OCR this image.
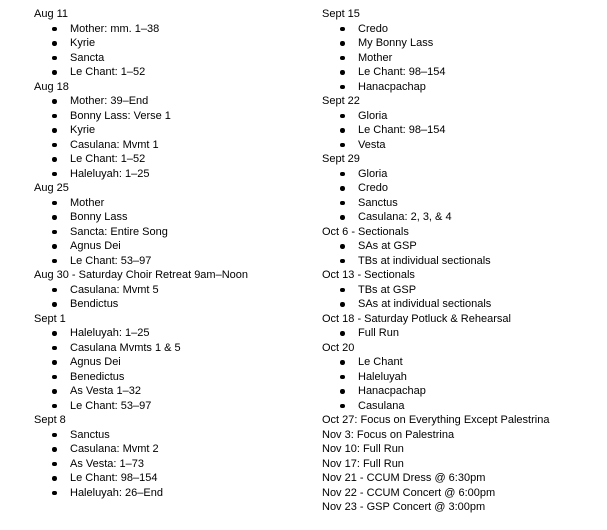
Aug 11
Mother: mm. 1–38
Kyrie
Sancta
Le Chant: 1–52
Aug 18
Mother: 39–End
Bonny Lass: Verse 1
Kyrie
Casulana: Mvmt 1
Le Chant: 1–52
Haleluyah: 1–25
Aug 25
Mother
Bonny Lass
Sancta: Entire Song
Agnus Dei
Le Chant: 53–97
Aug 30 - Saturday Choir Retreat 9am–Noon
Casulana: Mvmt 5
Bendictus
Sept 1
Haleluyah: 1–25
Casulana Mvmts 1 & 5
Agnus Dei
Benedictus
As Vesta 1–32
Le Chant: 53–97
Sept 8
Sanctus
Casulana: Mvmt 2
As Vesta: 1–73
Le Chant: 98–154
Haleluyah: 26–End
Sept 15
Credo
My Bonny Lass
Mother
Le Chant: 98–154
Hanacpachap
Sept 22
Gloria
Le Chant: 98–154
Vesta
Sept 29
Gloria
Credo
Sanctus
Casulana: 2, 3, & 4
Oct 6 - Sectionals
SAs at GSP
TBs at individual sectionals
Oct 13 - Sectionals
TBs at GSP
SAs at individual sectionals
Oct 18 - Saturday Potluck & Rehearsal
Full Run
Oct 20
Le Chant
Haleluyah
Hanacpachap
Casulana
Oct 27: Focus on Everything Except Palestrina
Nov 3: Focus on Palestrina
Nov 10: Full Run
Nov 17: Full Run
Nov 21 - CCUM Dress @ 6:30pm
Nov 22 - CCUM Concert @ 6:00pm
Nov 23 - GSP Concert @ 3:00pm
